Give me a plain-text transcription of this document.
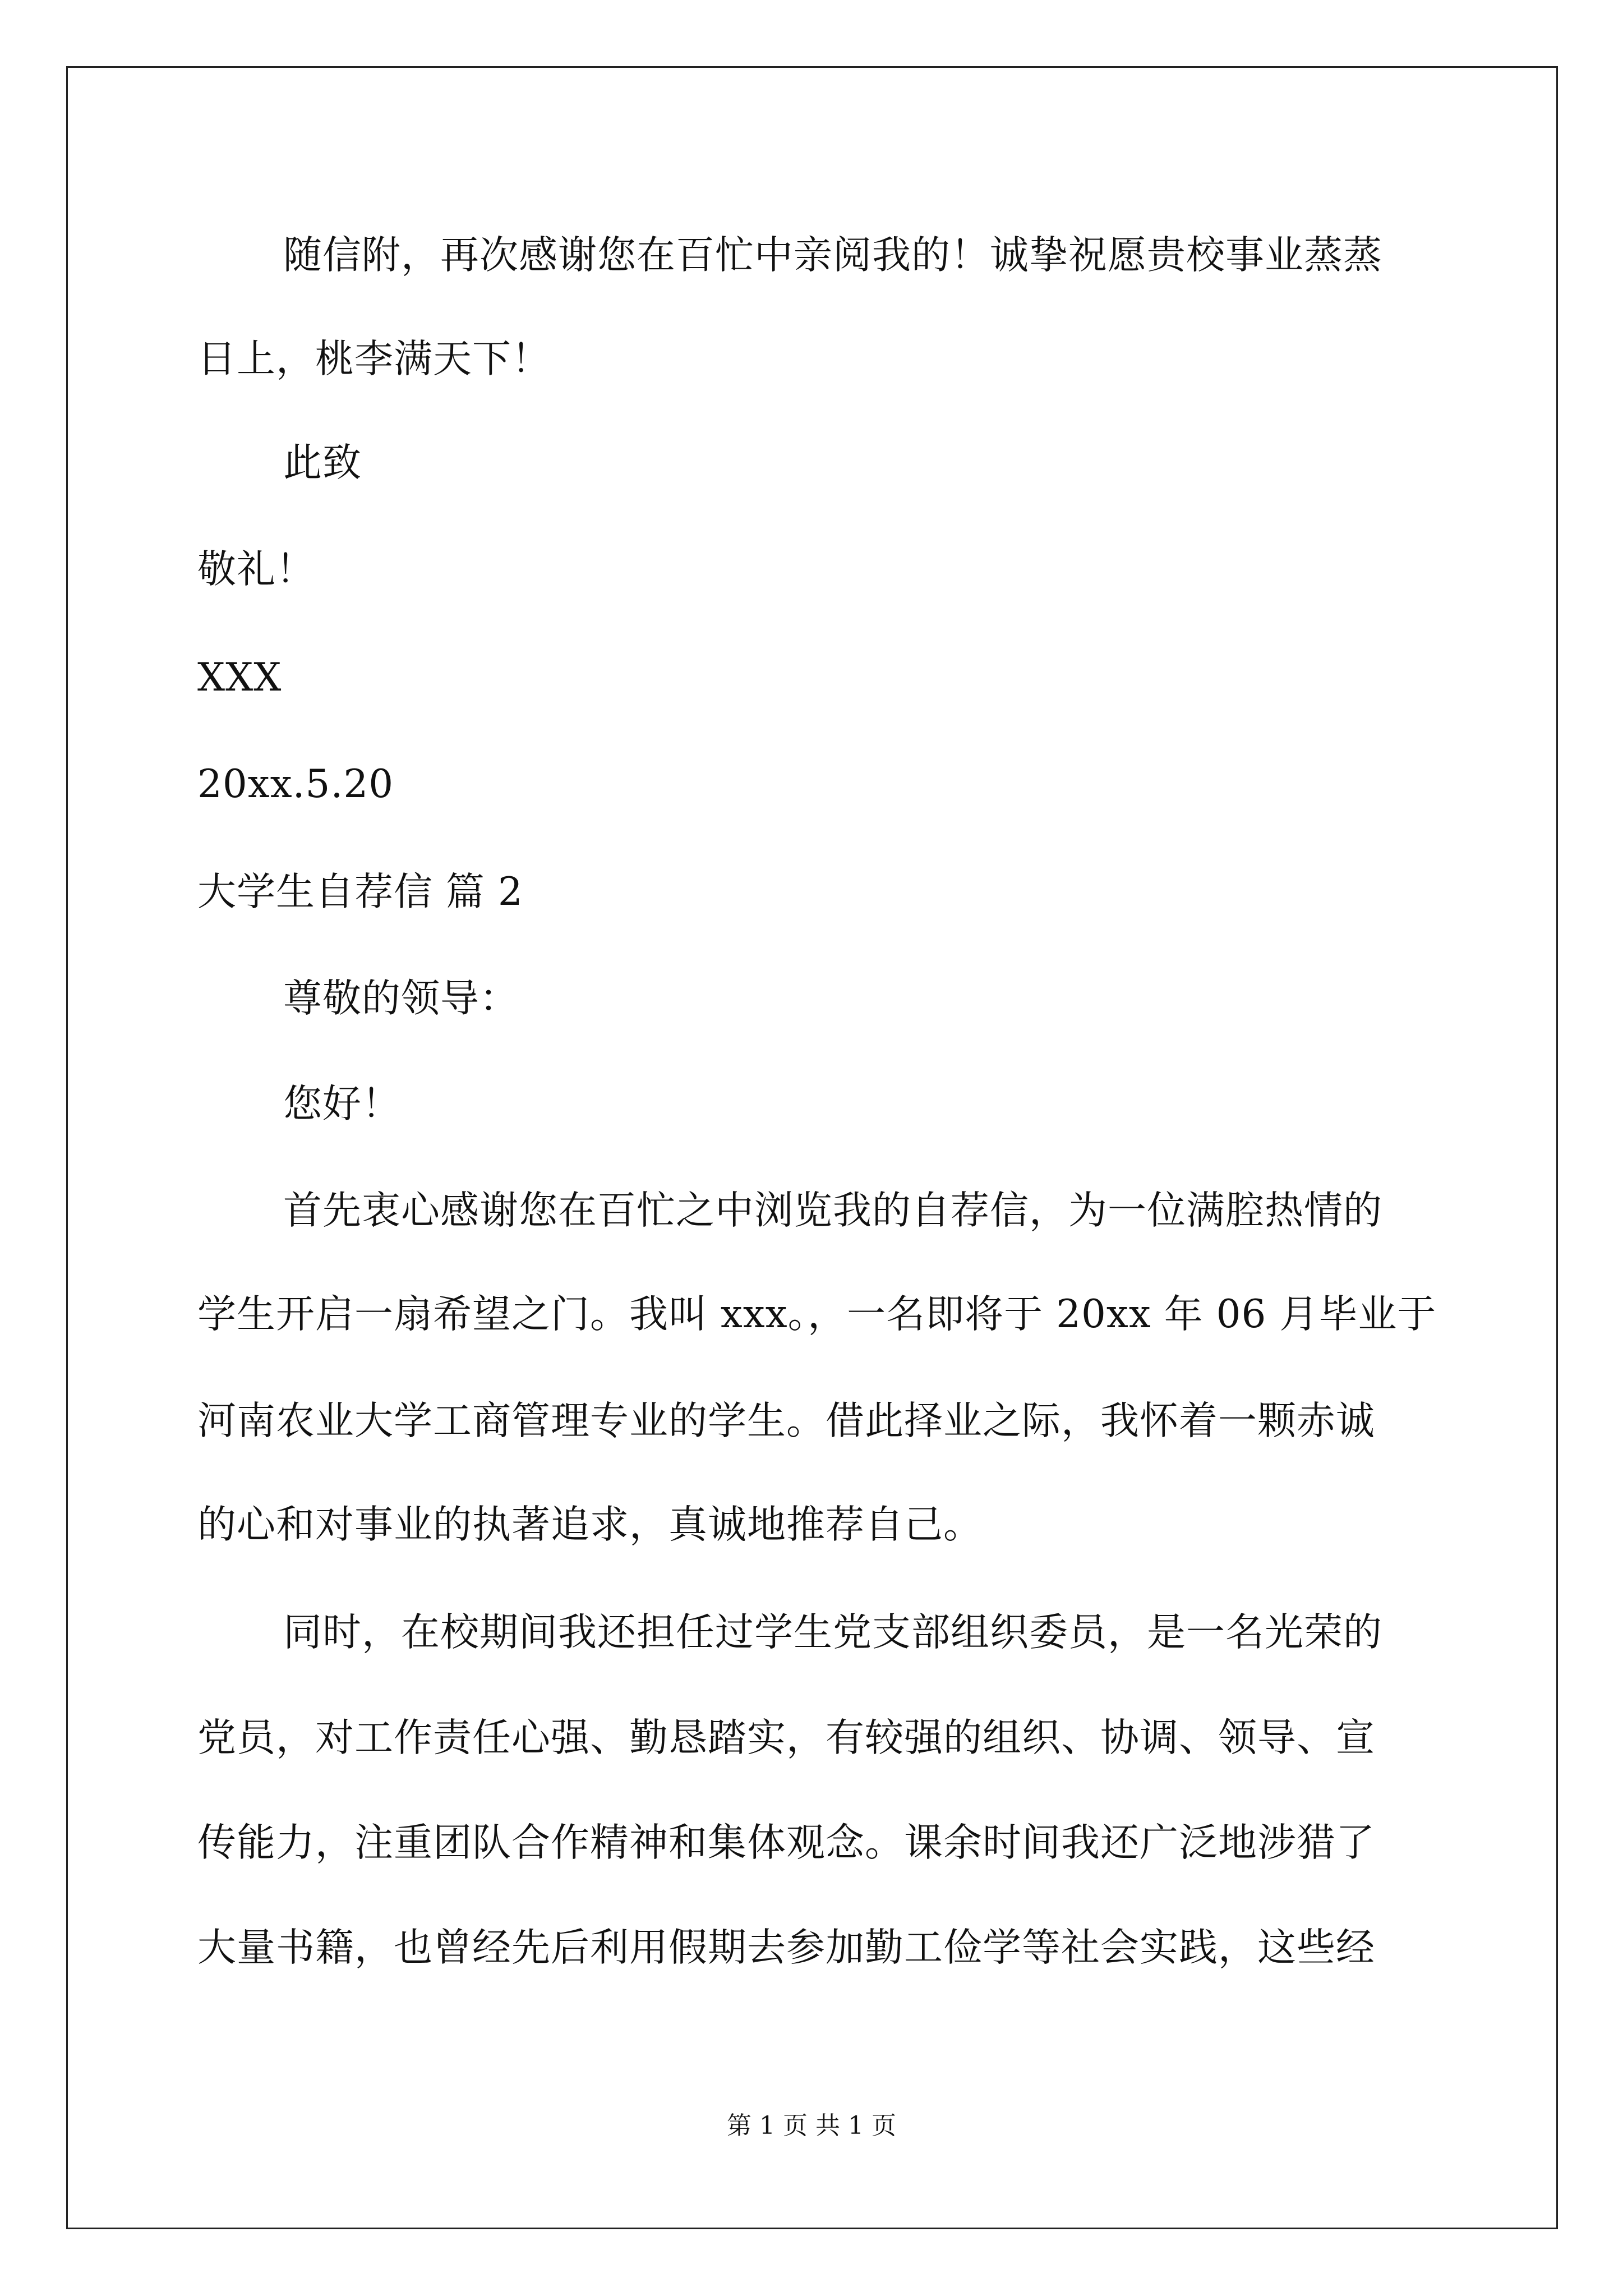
随信附，再次感谢您在百忙中亲阅我的！诚挚祝愿贵校事业蒸蒸
日上，桃李满天下！
此致
敬礼！
XXX
20xx.5.20
大学生自荐信 篇 2
尊敬的领导：
您好！
首先衷心感谢您在百忙之中浏览我的自荐信，为一位满腔热情的
学生开启一扇希望之门。我叫 xxx。，一名即将于 20xx 年 06 月毕业于
河南农业大学工商管理专业的学生。借此择业之际，我怀着一颗赤诚
的心和对事业的执著追求，真诚地推荐自己。
同时，在校期间我还担任过学生党支部组织委员，是一名光荣的
党员，对工作责任心强、勤恳踏实，有较强的组织、协调、领导、宣
传能力，注重团队合作精神和集体观念。课余时间我还广泛地涉猎了
大量书籍，也曾经先后利用假期去参加勤工俭学等社会实践，这些经
第 1 页 共 1 页
